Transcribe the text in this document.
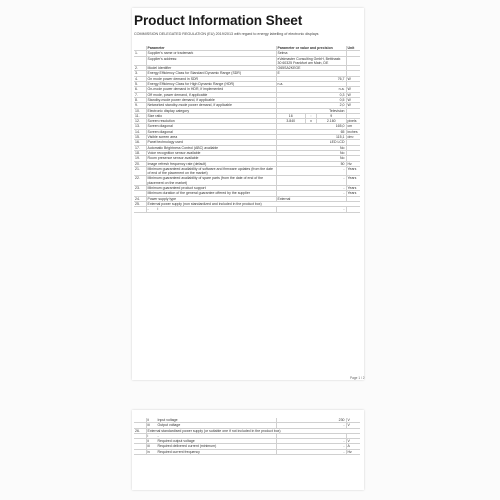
Product Information Sheet

COMMISSION DELEGATED REGULATION (EU) 2019/2013 with regard to energy labelling of electronic displays

	Parameter	Parameter or value and precision	Unit
1.	Supplier's name or trademark	Selma	
	Supplier's address:	eVatmaster Consulting GmbH, Bettinastr. 30 60325 Frankfurt am Main, DE	
2.	Model identifier	O65SA2KEGE	
3.	Energy Efficiency Class for Standard Dynamic Range (SDR)	E	
4.	On mode power demand in SDR	76,7	W
5.	Energy Efficiency Class for High Dynamic Range (HDR)	n.a.	
6.	On-mode power demand in HDR, if implemented	n.a.	W
7.	Off mode, power demand, if applicable	0,3	W
8.	Standby-mode power demand, if applicable	0,5	W
9.	Networked standby-mode power demand, if applicable	2,0	W
10.	Electronic display category	Television	
11.	Size ratio	16 : 9	

12.	Screen resolution	3.840 x 2.160	pixels
13.	Screen diagonal	165,0	cm
14.	Screen diagonal	65	inches
15.	Visible screen area	115,1	dm²
16.	Panel technology used	LED LCD	
17.	Automatic Brightness Control (ABC) available	No	
18.	Voice recognition sensor available	No	
19.	Room presence sensor available	No	
20.	Image refresh frequency rate (default)	50	Hz
21.	Minimum guaranteed availability of software and firmware updates (from the date of end of the placement on the market)	-	Years
22.	Minimum guaranteed availability of spare parts (from the date of end of the placement on the market)	-	Years
23.	Minimum guaranteed product support	-	Years
	Minimum duration of the general guarantee offered by the supplier	-	Years
24.	Power supply type	External	
25.	External power supply (non standardized and included in the product box)		
	- i	-	

Page 1 / 2

	ii Input voltage	230	V
	iii Output voltage	-	V
26.	External standardised power supply (or suitable one if not included in the product box)		
	i -		
	ii Required output voltage	-	V
	iii Required delivered current (minimum)	-	A
	iv Required current frequency	-	Hz
